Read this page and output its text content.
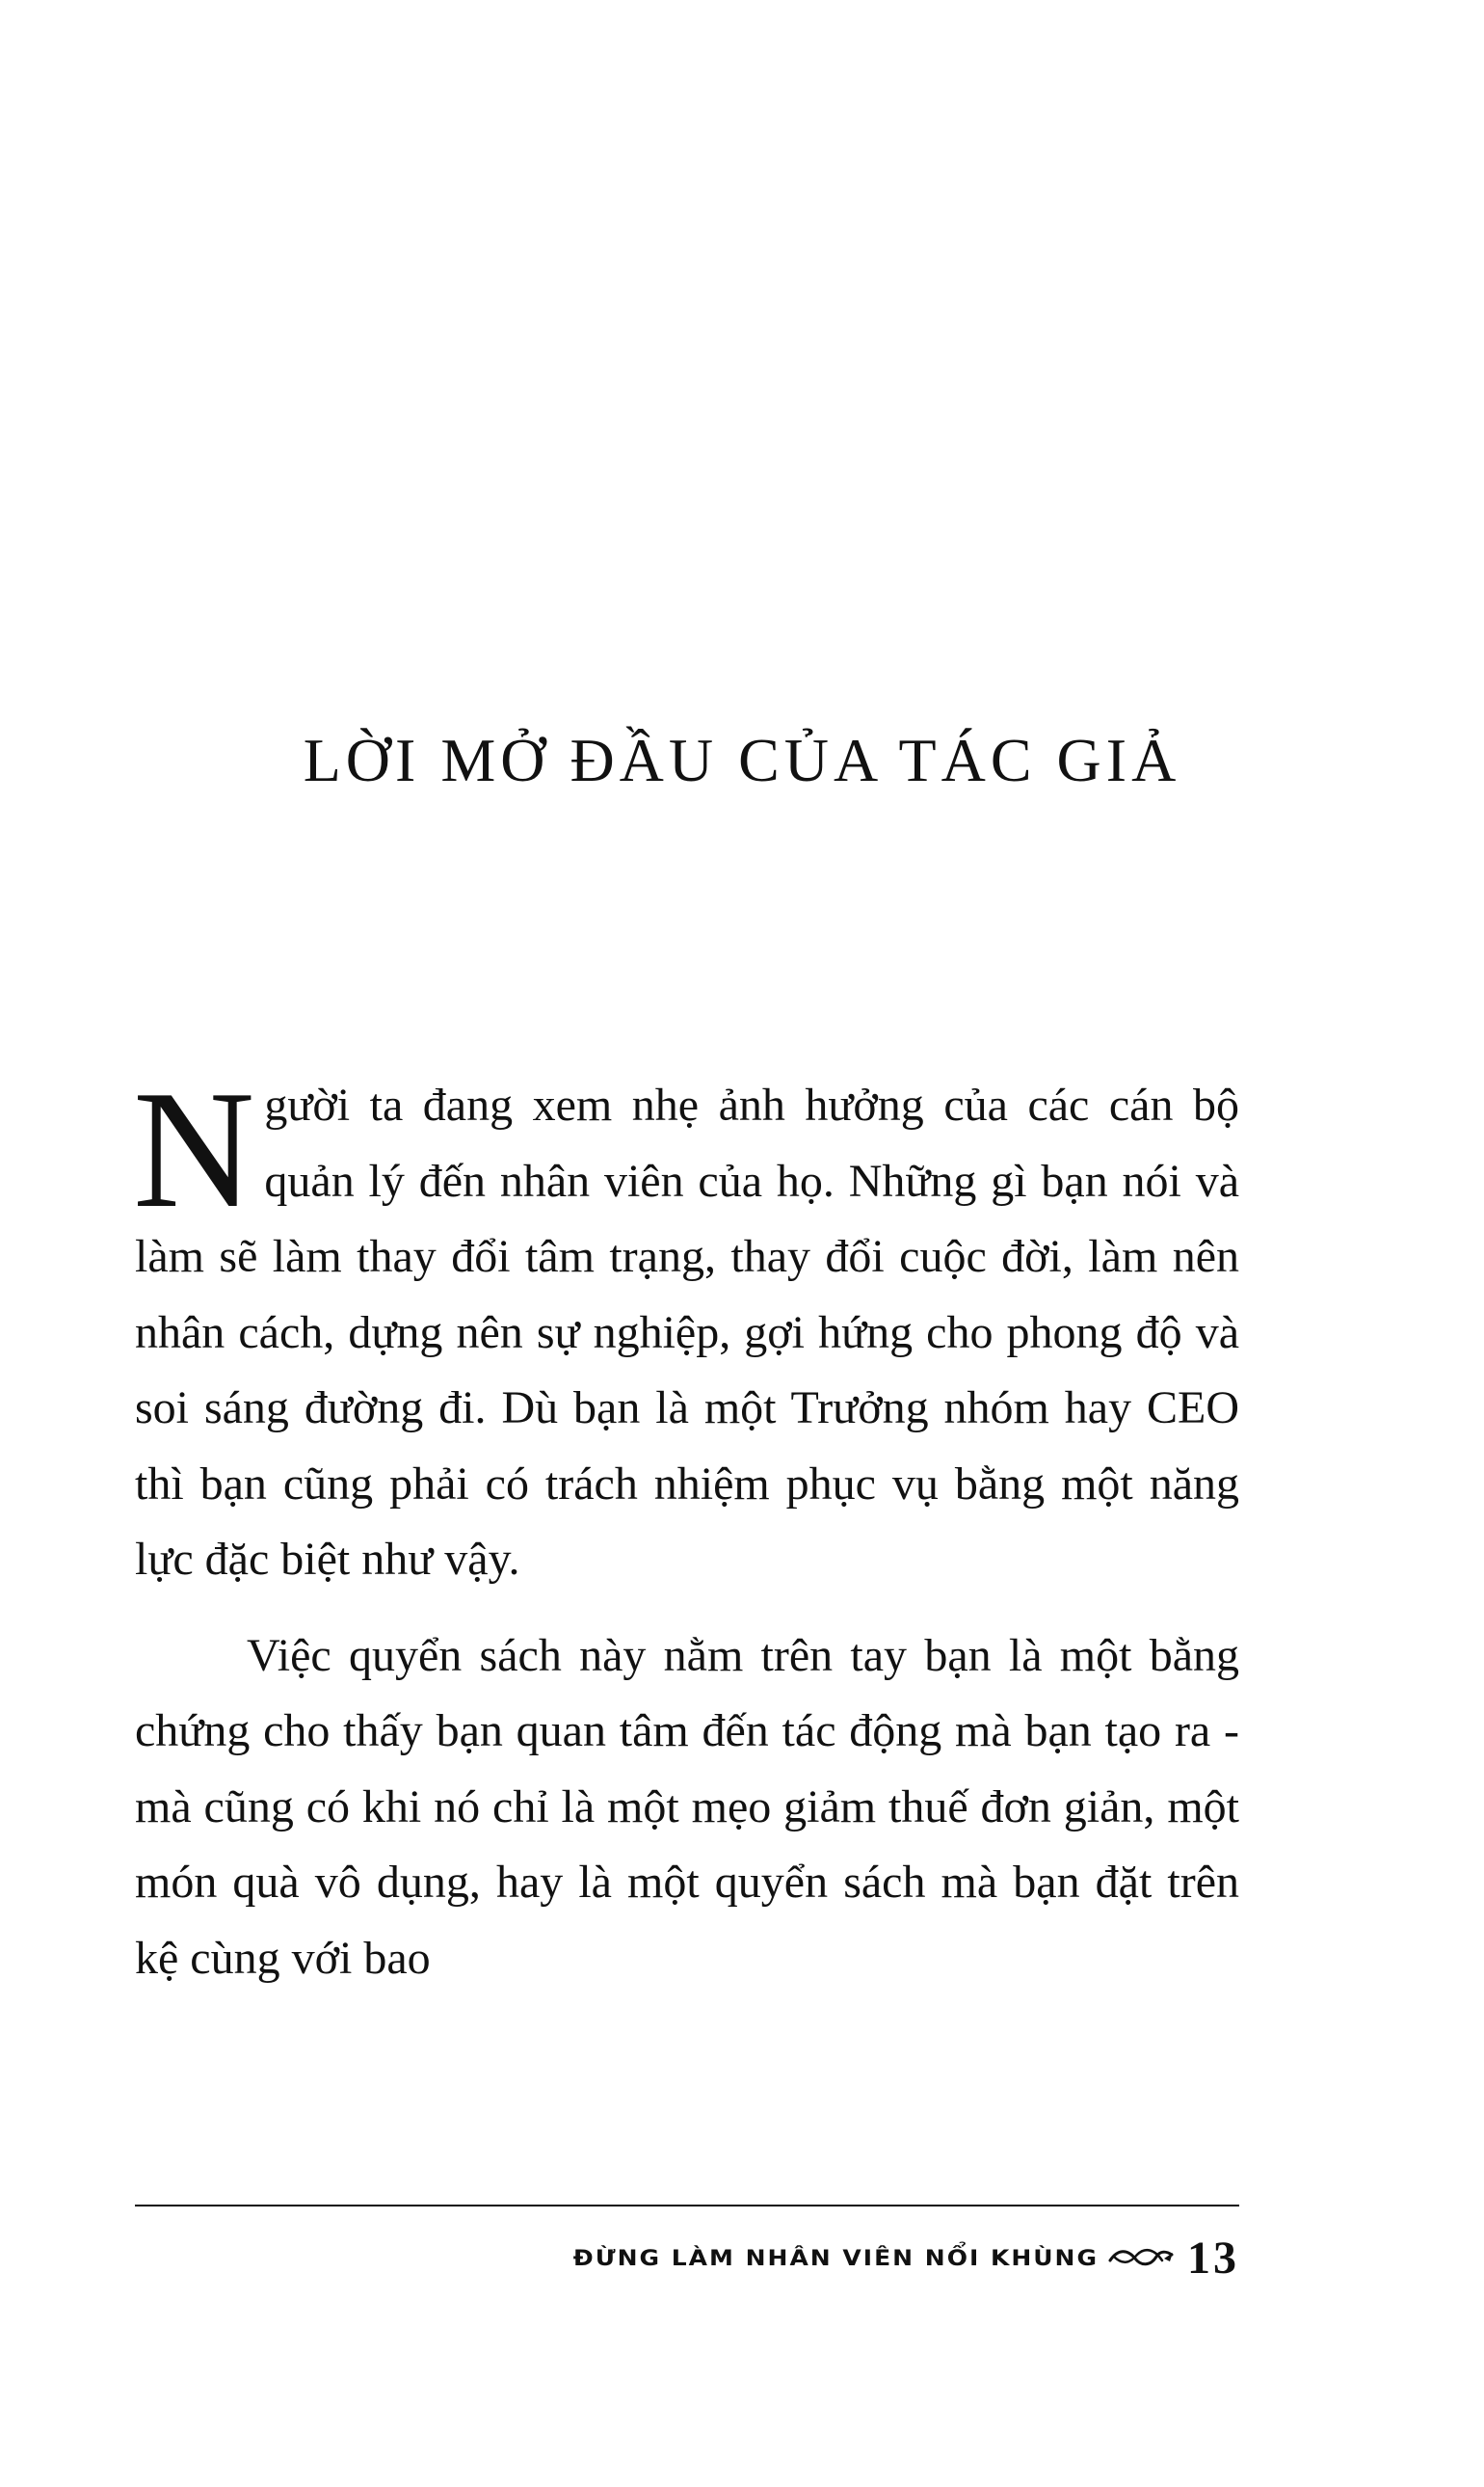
LỜI MỞ ĐẦU CỦA TÁC GIẢ

Người ta đang xem nhẹ ảnh hưởng của các cán bộ quản lý đến nhân viên của họ. Những gì bạn nói và làm sẽ làm thay đổi tâm trạng, thay đổi cuộc đời, làm nên nhân cách, dựng nên sự nghiệp, gợi hứng cho phong độ và soi sáng đường đi. Dù bạn là một Trưởng nhóm hay CEO thì bạn cũng phải có trách nhiệm phục vụ bằng một năng lực đặc biệt như vậy.

Việc quyển sách này nằm trên tay bạn là một bằng chứng cho thấy bạn quan tâm đến tác động mà bạn tạo ra - mà cũng có khi nó chỉ là một mẹo giảm thuế đơn giản, một món quà vô dụng, hay là một quyển sách mà bạn đặt trên kệ cùng với bao

ĐỪNG LÀM NHÂN VIÊN NỔI KHÙNG 13
